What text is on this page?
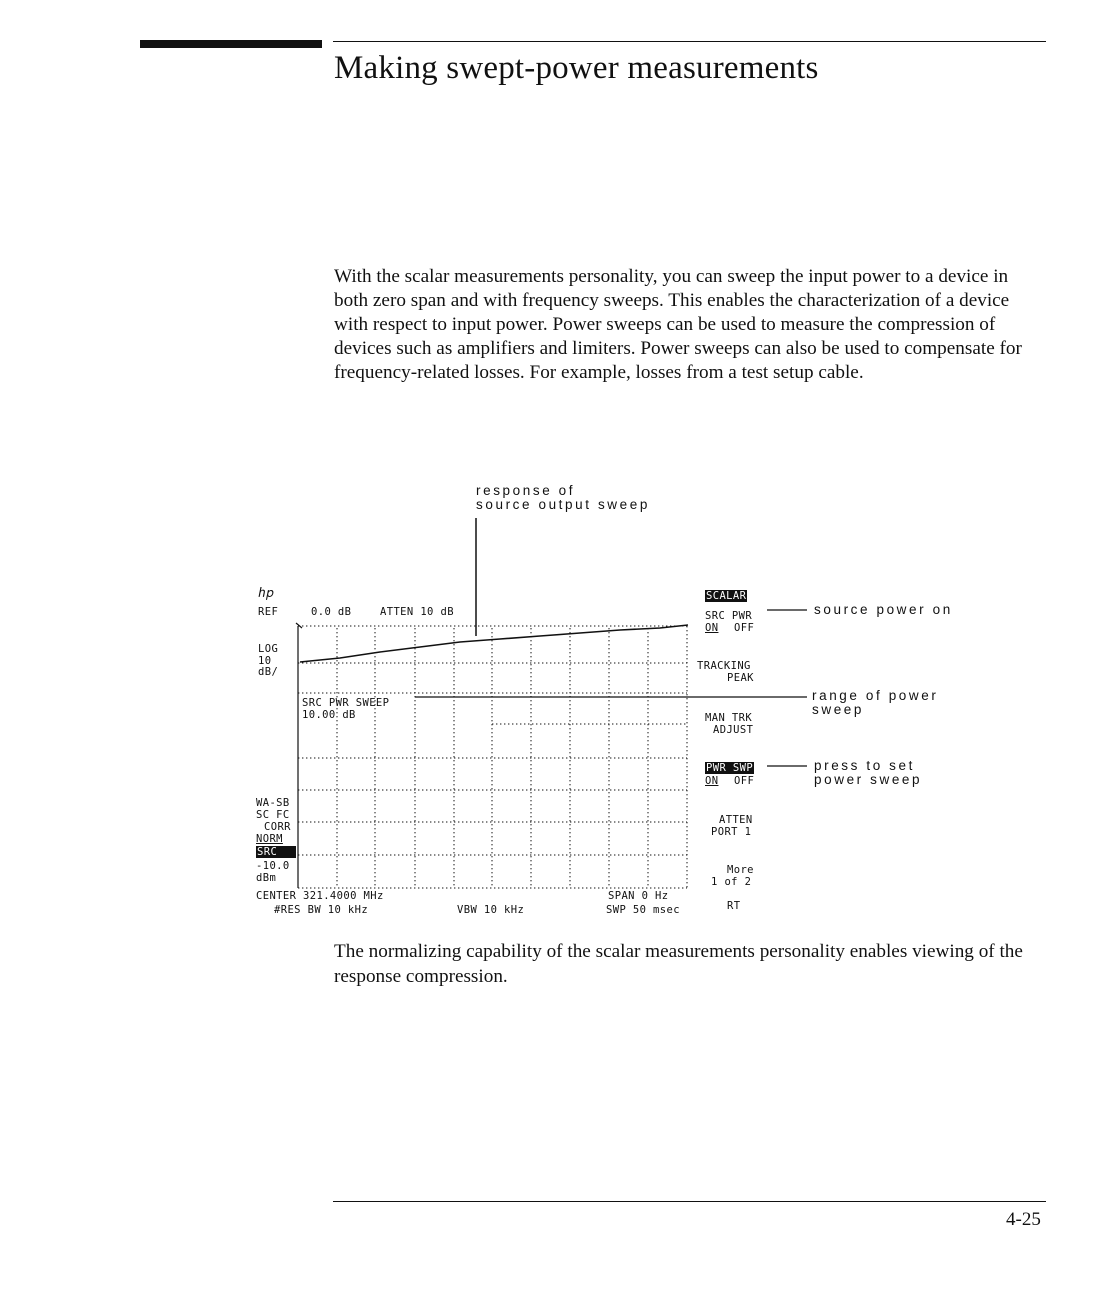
Making swept-power measurements

With the scalar measurements personality, you can sweep the input power to a device in both zero span and with frequency sweeps. This enables the characterization of a device with respect to input power. Power sweeps can be used to measure the compression of devices such as amplifiers and limiters. Power sweeps can also be used to compensate for frequency-related losses. For example, losses from a test setup cable.

response of
source output sweep
source power on
range of power
sweep
press to set
power sweep
ℎ𝑝
REF	0.0 dB	ATTEN 10 dB
LOG
10
dB/
SRC PWR SWEEP
10.00 dB
WA-SB
SC FC
CORR
NORM
SRC
-10.0
dBm
CENTER 321.4000 MHz	SPAN 0 Hz
#RES BW 10 kHz	VBW 10 kHz	SWP 50 msec
SCALAR
SRC PWR
ON OFF
TRACKING
PEAK
MAN TRK
ADJUST
PWR SWP
ON OFF
ATTEN
PORT 1
More
1 of 2
RT

The normalizing capability of the scalar measurements personality enables viewing of the response compression.

4-25
